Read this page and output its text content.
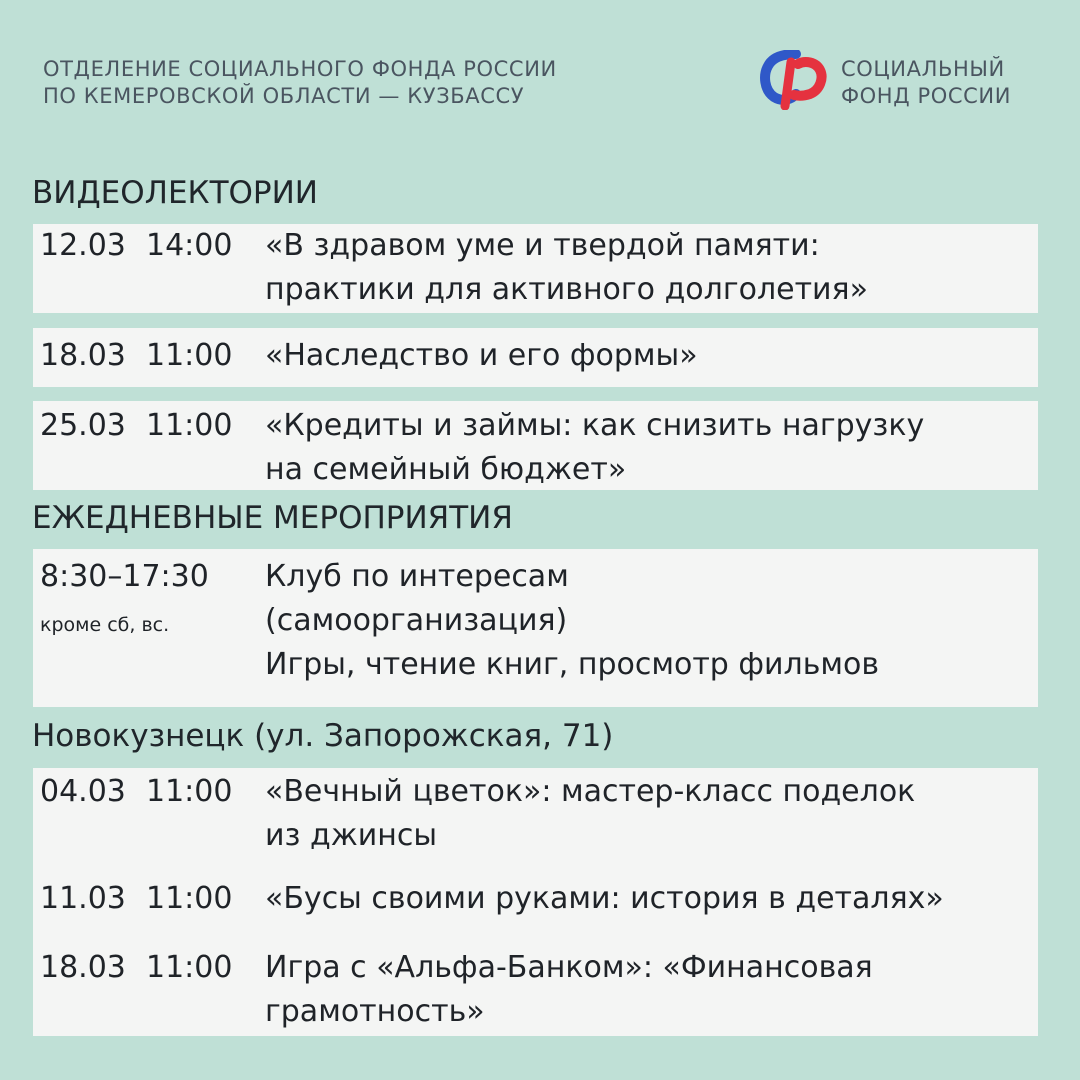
ОТДЕЛЕНИЕ СОЦИАЛЬНОГО ФОНДА РОССИИ
ПО КЕМЕРОВСКОЙ ОБЛАСТИ — КУЗБАССУ
СОЦИАЛЬНЫЙ
ФОНД РОССИИ
ВИДЕОЛЕКТОРИИ
12.03 14:00 «В здравом уме и твердой памяти:
практики для активного долголетия»
18.03 11:00 «Наследство и его формы»
25.03 11:00 «Кредиты и займы: как снизить нагрузку
на семейный бюджет»
ЕЖЕДНЕВНЫЕ МЕРОПРИЯТИЯ
8:30–17:30
кроме сб, вс.
Клуб по интересам
(самоорганизация)
Игры, чтение книг, просмотр фильмов
Новокузнецк (ул. Запорожская, 71)
04.03 11:00 «Вечный цветок»: мастер-класс поделок
из джинсы
11.03 11:00 «Бусы своими руками: история в деталях»
18.03 11:00 Игра с «Альфа-Банком»: «Финансовая
грамотность»
